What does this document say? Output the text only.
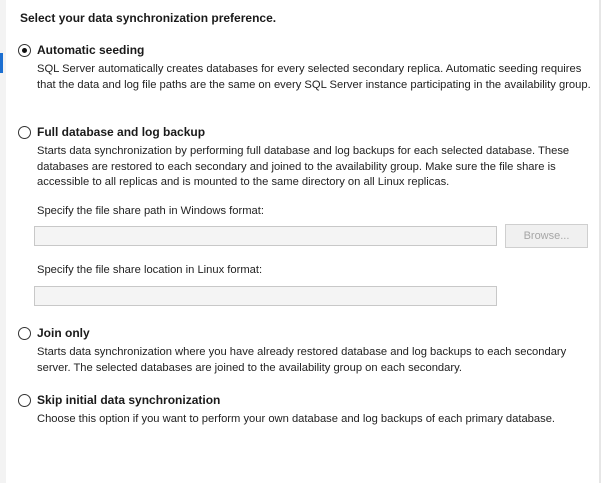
Select your data synchronization preference.
Automatic seeding
SQL Server automatically creates databases for every selected secondary replica. Automatic seeding requires that the data and log file paths are the same on every SQL Server instance participating in the availability group.
Full database and log backup
Starts data synchronization by performing full database and log backups for each selected database. These databases are restored to each secondary and joined to the availability group. Make sure the file share is accessible to all replicas and is mounted to the same directory on all Linux replicas.
Specify the file share path in Windows format:
Browse...
Specify the file share location in Linux format:
Join only
Starts data synchronization where you have already restored database and log backups to each secondary server. The selected databases are joined to the availability group on each secondary.
Skip initial data synchronization
Choose this option if you want to perform your own database and log backups of each primary database.
